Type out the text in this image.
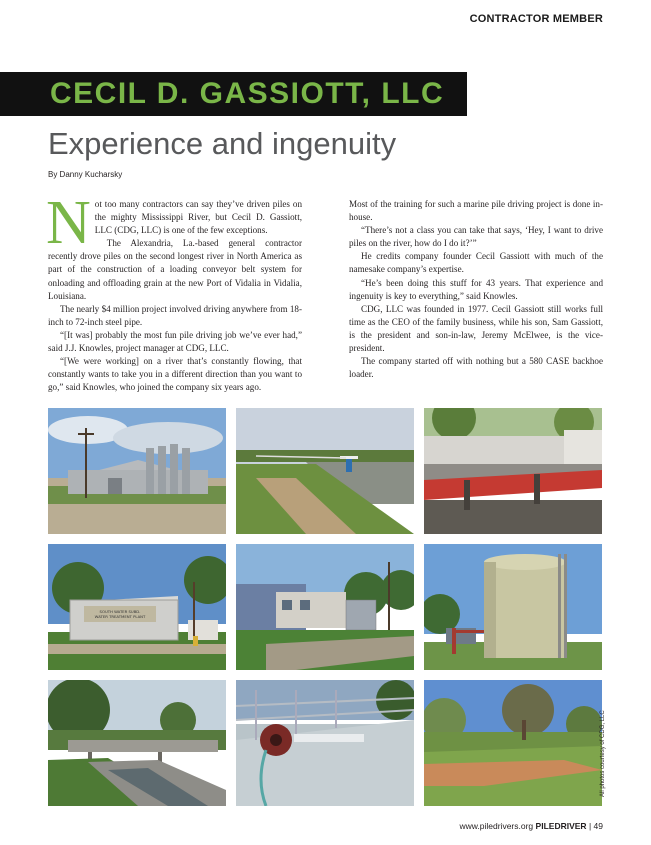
CONTRACTOR MEMBER
CECIL D. GASSIOTT, LLC
Experience and ingenuity
By Danny Kucharsky

Not too many contractors can say they’ve driven piles on the mighty Mississippi River, but Cecil D. Gassiott, LLC (CDG, LLC) is one of the few exceptions.

The Alexandria, La.-based general contractor recently drove piles on the second longest river in North America as part of the construction of a loading conveyor belt system for onloading and offloading grain at the new Port of Vidalia in Vidalia, Louisiana.

The nearly $4 million project involved driving anywhere from 18-inch to 72-inch steel pipe.

“[It was] probably the most fun pile driving job we’ve ever had,” said J.J. Knowles, project manager at CDG, LLC.

“[We were working] on a river that’s constantly flowing, that constantly wants to take you in a different direction than you want to go,” said Knowles, who joined the company six years ago.

Most of the training for such a marine pile driving project is done in-house.

“There’s not a class you can take that says, ‘Hey, I want to drive piles on the river, how do I do it?’”

He credits company founder Cecil Gassiott with much of the namesake company’s expertise.

“He’s been doing this stuff for 43 years. That experience and ingenuity is key to everything,” said Knowles.

CDG, LLC was founded in 1977. Cecil Gassiott still works full time as the CEO of the family business, while his son, Sam Gassiott, is the president and son-in-law, Jeremy McElwee, is the vice-president.

The company started off with nothing but a 580 CASE backhoe loader.

SOUTH WATER SUBD. WATER TREATMENT PLANT
All photos courtesy of CDG, LLC
www.piledrivers.org PILEDRIVER | 49
